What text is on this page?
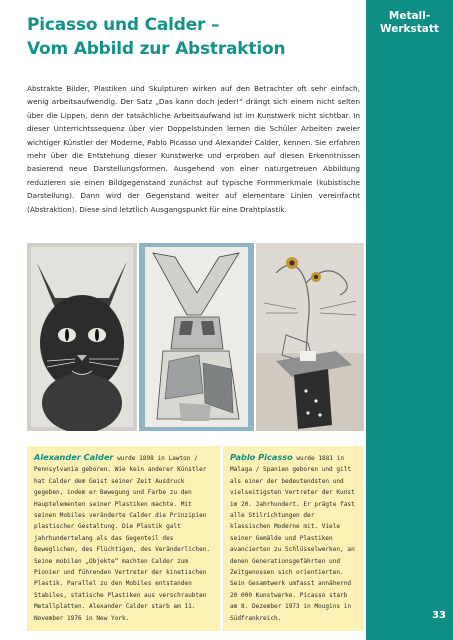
Metall-
Werkstatt
33
Picasso und Calder –
Vom Abbild zur Abstraktion

Abstrakte Bilder, Plastiken und Skulpturen wirken auf den Betrachter oft sehr einfach, wenig arbeitsaufwendig. Der Satz „Das kann doch jeder!“ drängt sich einem nicht selten über die Lippen, denn der tatsächliche Arbeitsaufwand ist im Kunstwerk nicht sichtbar. In dieser Unterrichtssequenz über vier Doppelstunden lernen die Schüler Arbeiten zweier wichtiger Künstler der Moderne, Pablo Picasso und Alexander Calder, kennen. Sie erfahren mehr über die Entstehung dieser Kunstwerke und erproben auf diesen Erkenntnissen basierend neue Darstellungsformen. Ausgehend von einer naturgetreuen Abbildung reduzieren sie einen Bildgegenstand zunächst auf typische Formmerkmale (kubistische Darstellung). Dann wird der Gegenstand weiter auf elementare Linien vereinfacht (Abstraktion). Diese sind letztlich Ausgangspunkt für eine Drahtplastik.

Alexander Calder wurde 1898 in Lawton / Pennsylvania geboren. Wie kein anderer Künstler hat Calder dem Geist seiner Zeit Ausdruck gegeben, indem er Bewegung und Farbe zu den Hauptelementen seiner Plastiken machte. Mit seinen Mobiles veränderte Calder die Prinzipien plastischer Gestaltung. Die Plastik galt jahrhundertelang als das Gegenteil des Beweglichen, des Flüchtigen, des Veränderlichen. Seine mobilen „Objekte“ machten Calder zum Pionier und führenden Vertreter der kinetischen Plastik. Parallel zu den Mobiles entstanden Stabiles, statische Plastiken aus verschraubten Metallplatten. Alexander Calder starb am 11. November 1976 in New York.

Pablo Picasso wurde 1881 in Malaga / Spanien geboren und gilt als einer der bedeutendsten und vielseitigsten Vertreter der Kunst im 20. Jahrhundert. Er prägte fast alle Stilrichtungen der klassischen Moderne mit. Viele seiner Gemälde und Plastiken avancierten zu Schlüsselwerken, an denen Generationsgefährten und Zeitgenossen sich orientierten. Sein Gesamtwerk umfasst annähernd 20 000 Kunstwerke. Picasso starb am 8. Dezember 1973 in Mougins in Südfrankreich.
